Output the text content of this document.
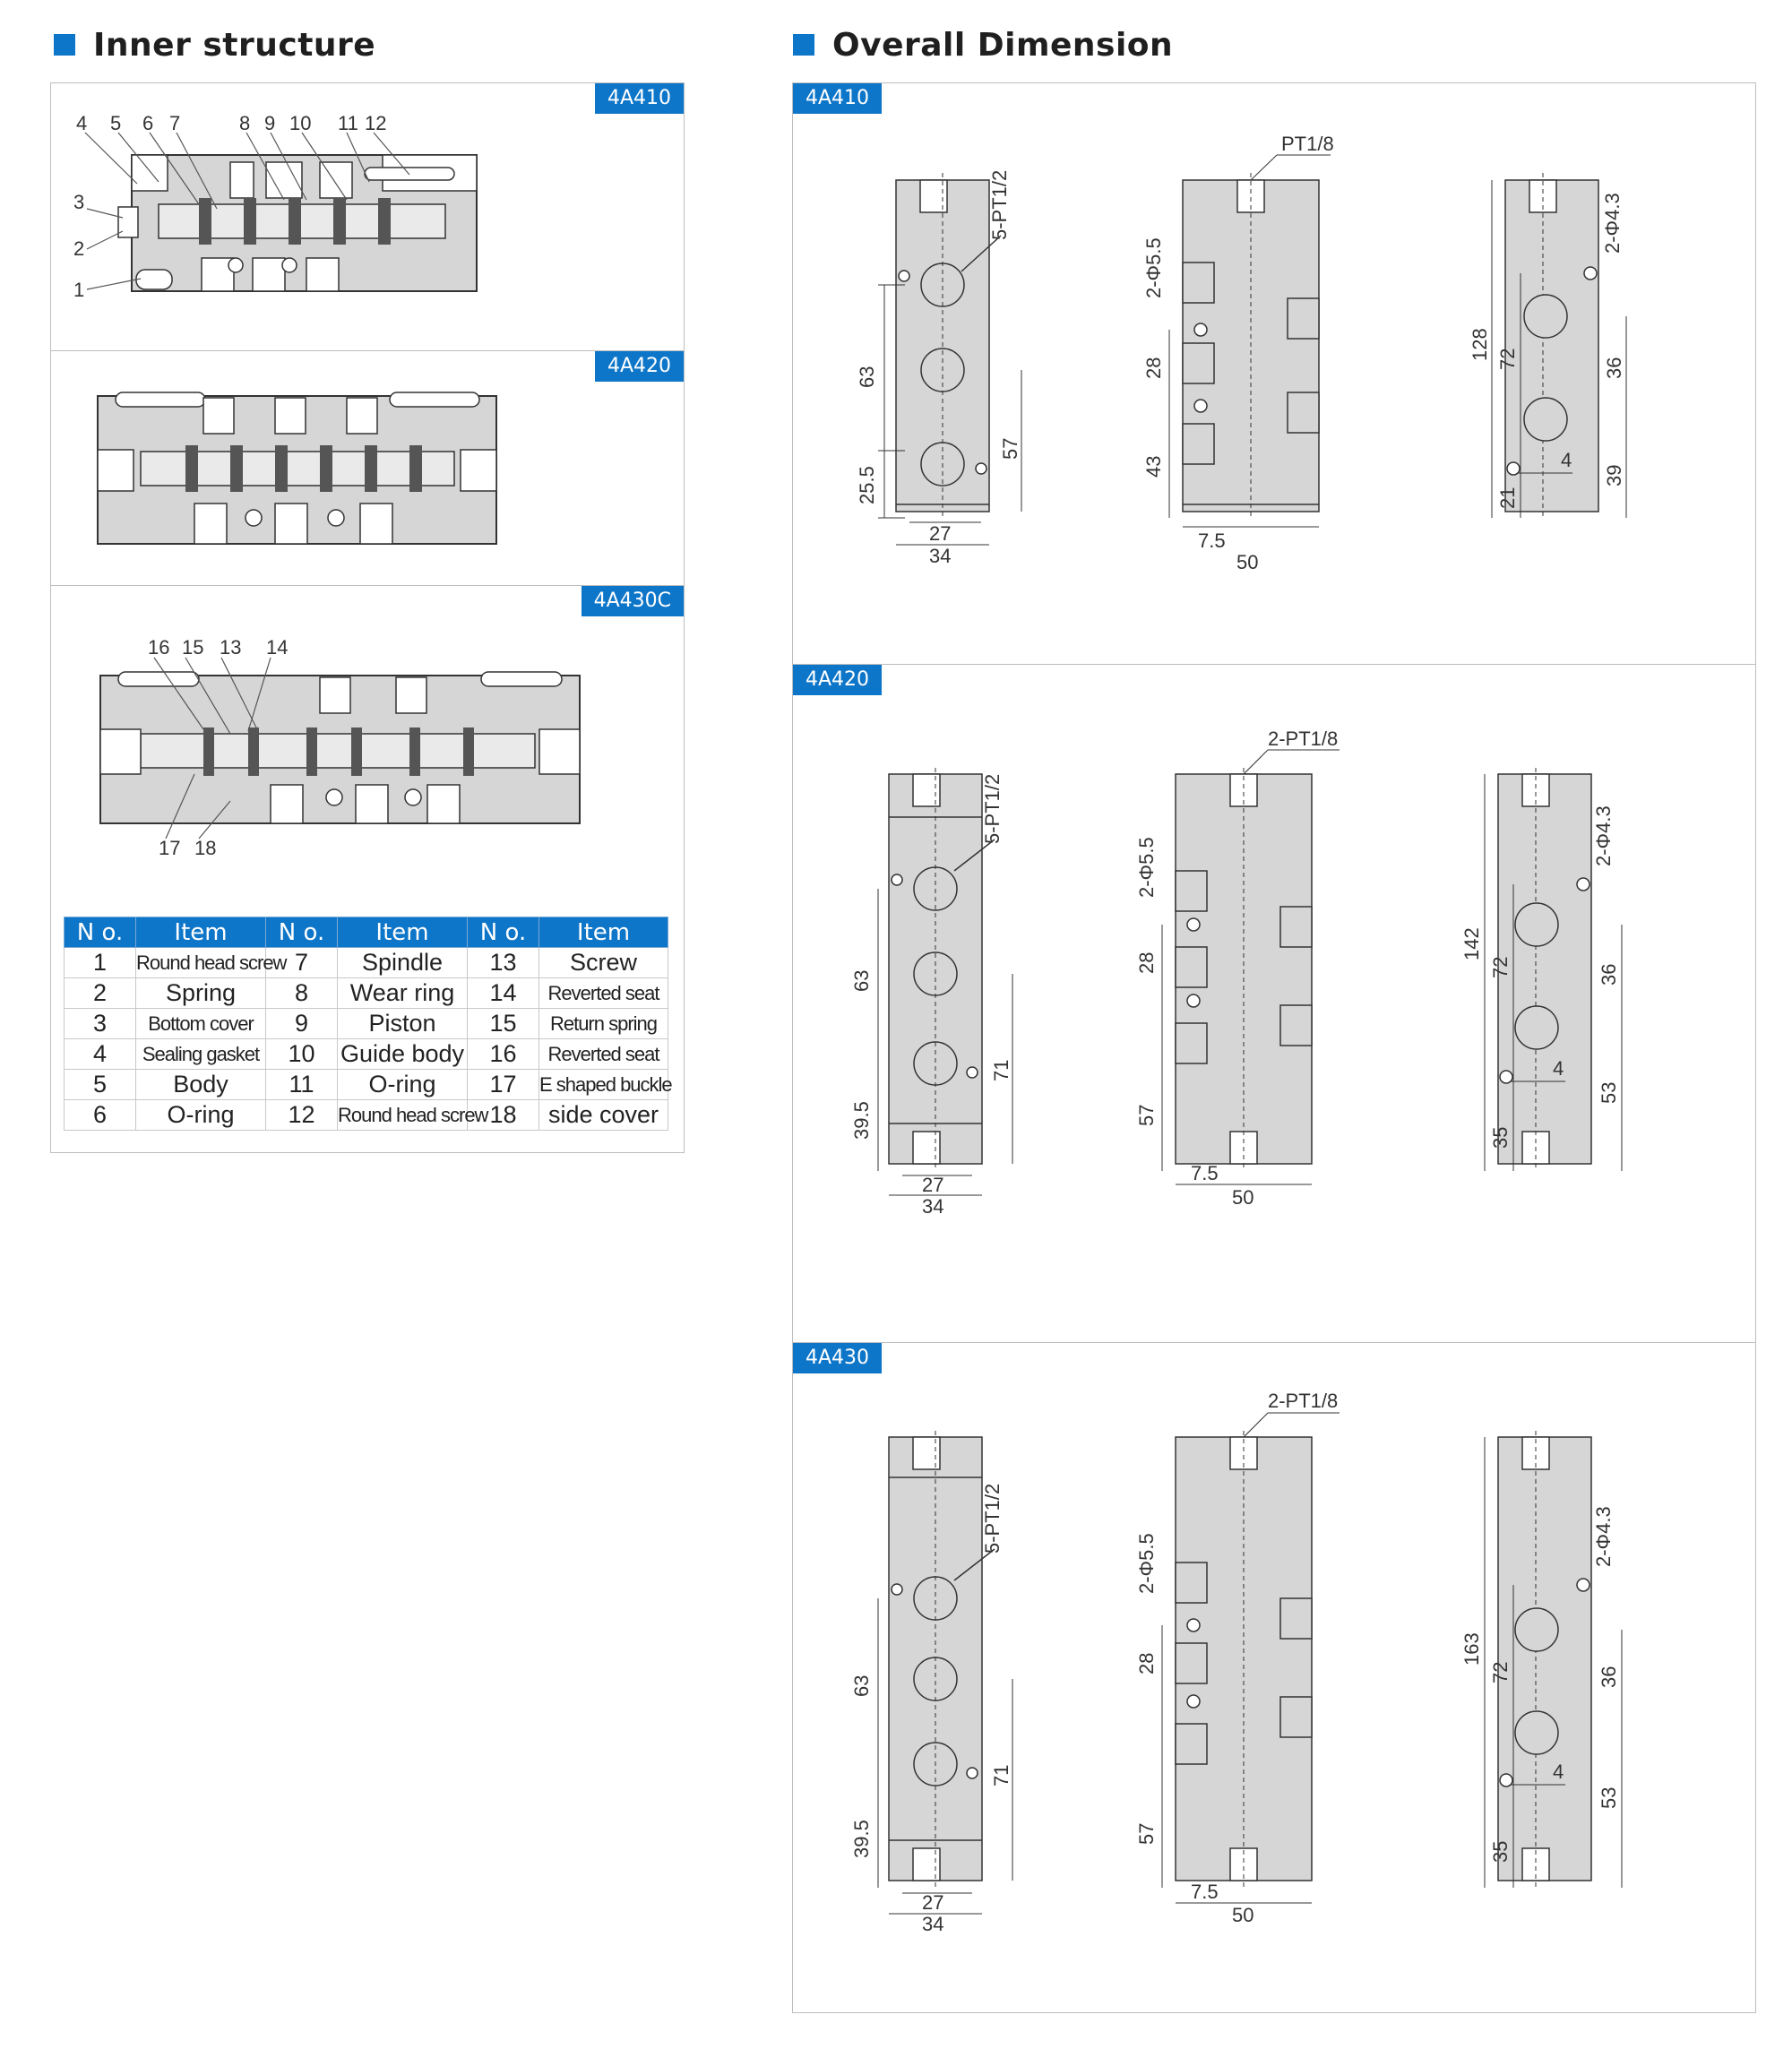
Inner structure	Overall Dimension
4A410
4 5 6 7	8 9 10 11 12
3
2
1
4A420
4A430C
16 15 13 14
17 18
N o.	Item	N o.	Item	N o.	Item
1	Round head screw	7	Spindle	13	Screw
2	Spring	8	Wear ring	14	Reverted seat
3	Bottom cover	9	Piston	15	Return spring
4	Sealing gasket	10	Guide body	16	Reverted seat
5	Body	11	O-ring	17	E shaped buckle
6	O-ring	12	Round head screw	18	side cover
4A410
5-PT1/2
63
25.5
57
27
34
PT1/8
2-Φ5.5
28
43
7.5
50
2-Φ4.3
128 72
21
36
39
4
4A420
5-PT1/2
63
39.5
71
27
34
2-PT1/8
2-Φ5.5
28
57
7.5
50
2-Φ4.3
142
72
35
36
53
4
4A430
5-PT1/2
63
39.5
71
27
34
2-PT1/8
2-Φ5.5
28
57
7.5
50
2-Φ4.3
163
72
35
36
53
4
